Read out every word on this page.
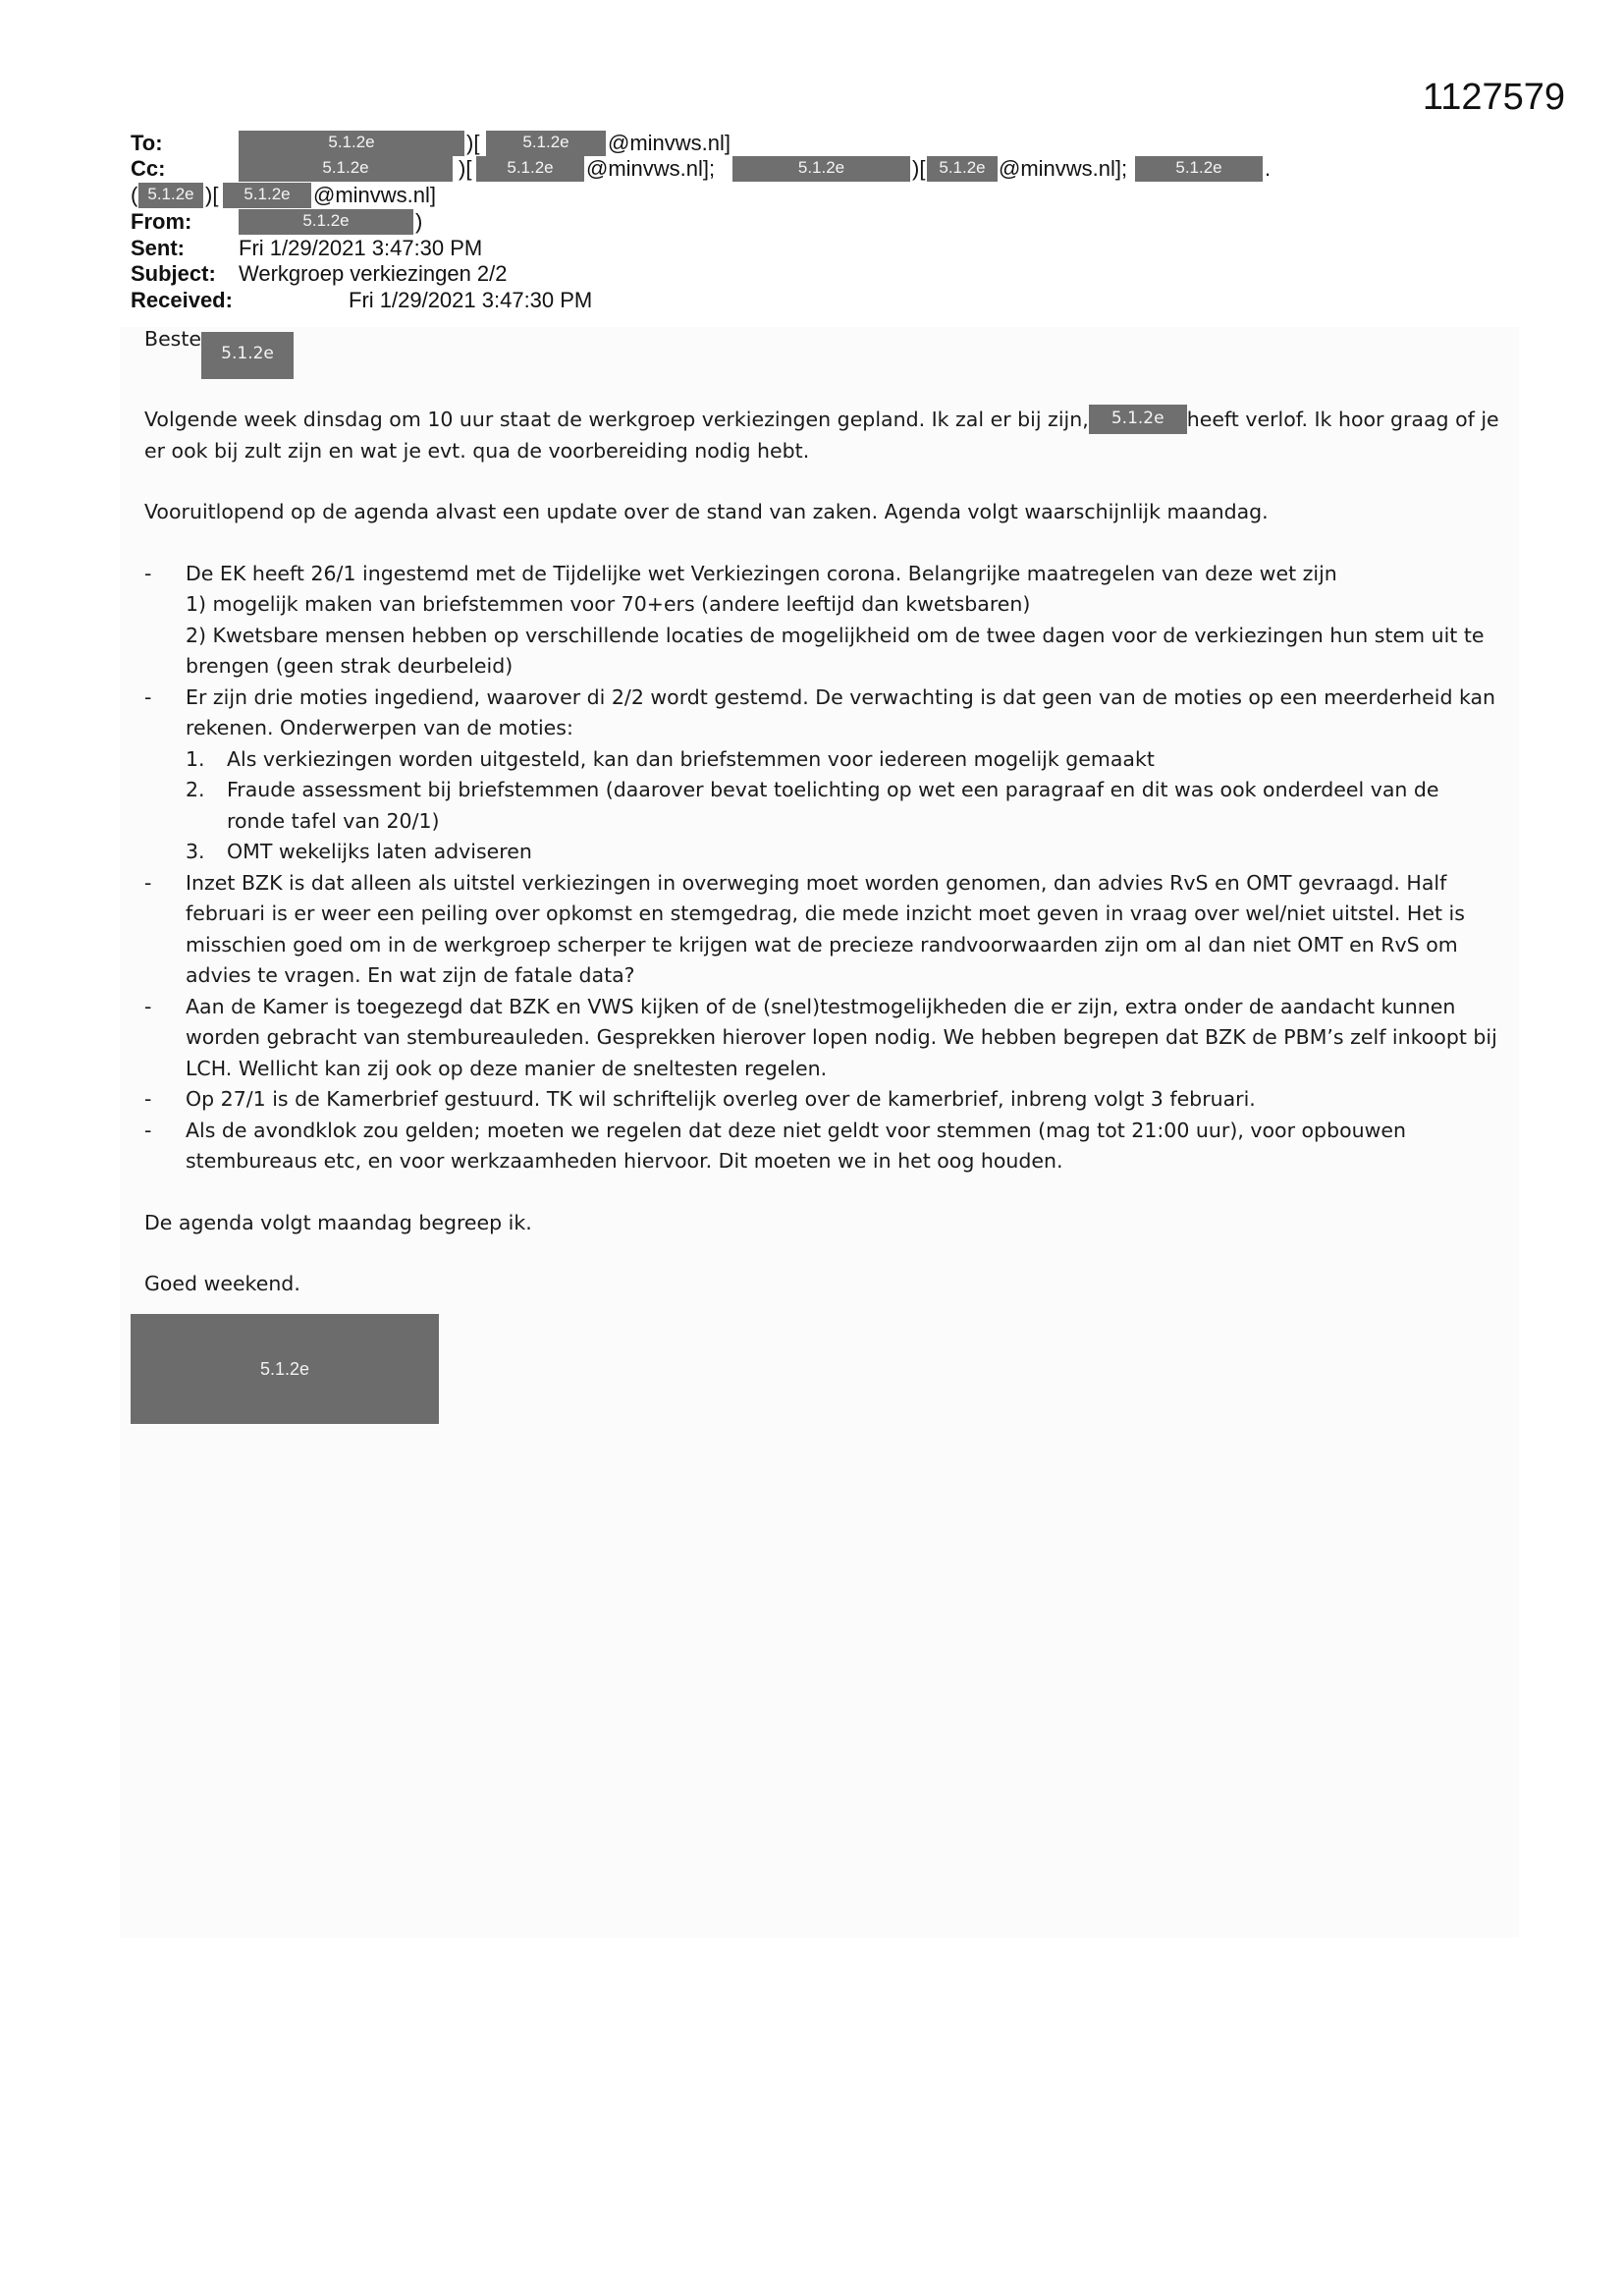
1127579
To:	5.1.2e	)[	5.1.2e	@minvws.nl]
Cc:	5.1.2e	)[	5.1.2e	@minvws.nl];	5.1.2e	)[ 5.1.2e @minvws.nl];	5.1.2e	.
( 5.1.2e )[	5.1.2e	@minvws.nl]
From:	5.1.2e	)
Sent:	Fri 1/29/2021 3:47:30 PM
Subject: Werkgroep verkiezingen 2/2
Received:	Fri 1/29/2021 3:47:30 PM

Beste5.1.2e

Volgende week dinsdag om 10 uur staat de werkgroep verkiezingen gepland. Ik zal er bij zijn, 5.1.2e heeft verlof. Ik hoor graag of je er ook bij zult zijn en wat je evt. qua de voorbereiding nodig hebt.

Vooruitlopend op de agenda alvast een update over de stand van zaken. Agenda volgt waarschijnlijk maandag.

- De EK heeft 26/1 ingestemd met de Tijdelijke wet Verkiezingen corona. Belangrijke maatregelen van deze wet zijn
1) mogelijk maken van briefstemmen voor 70+ers (andere leeftijd dan kwetsbaren)
2) Kwetsbare mensen hebben op verschillende locaties de mogelijkheid om de twee dagen voor de verkiezingen hun stem uit te brengen (geen strak deurbeleid)
- Er zijn drie moties ingediend, waarover di 2/2 wordt gestemd. De verwachting is dat geen van de moties op een meerderheid kan rekenen. Onderwerpen van de moties:
1. Als verkiezingen worden uitgesteld, kan dan briefstemmen voor iedereen mogelijk gemaakt
2. Fraude assessment bij briefstemmen (daarover bevat toelichting op wet een paragraaf en dit was ook onderdeel van de ronde tafel van 20/1)
3. OMT wekelijks laten adviseren
- Inzet BZK is dat alleen als uitstel verkiezingen in overweging moet worden genomen, dan advies RvS en OMT gevraagd. Half februari is er weer een peiling over opkomst en stemgedrag, die mede inzicht moet geven in vraag over wel/niet uitstel. Het is misschien goed om in de werkgroep scherper te krijgen wat de precieze randvoorwaarden zijn om al dan niet OMT en RvS om advies te vragen. En wat zijn de fatale data?
- Aan de Kamer is toegezegd dat BZK en VWS kijken of de (snel)testmogelijkheden die er zijn, extra onder de aandacht kunnen worden gebracht van stembureauleden. Gesprekken hierover lopen nodig. We hebben begrepen dat BZK de PBM’s zelf inkoopt bij LCH. Wellicht kan zij ook op deze manier de sneltesten regelen.
- Op 27/1 is de Kamerbrief gestuurd. TK wil schriftelijk overleg over de kamerbrief, inbreng volgt 3 februari.
- Als de avondklok zou gelden; moeten we regelen dat deze niet geldt voor stemmen (mag tot 21:00 uur), voor opbouwen stembureaus etc, en voor werkzaamheden hiervoor. Dit moeten we in het oog houden.

De agenda volgt maandag begreep ik.

Goed weekend.

5.1.2e
